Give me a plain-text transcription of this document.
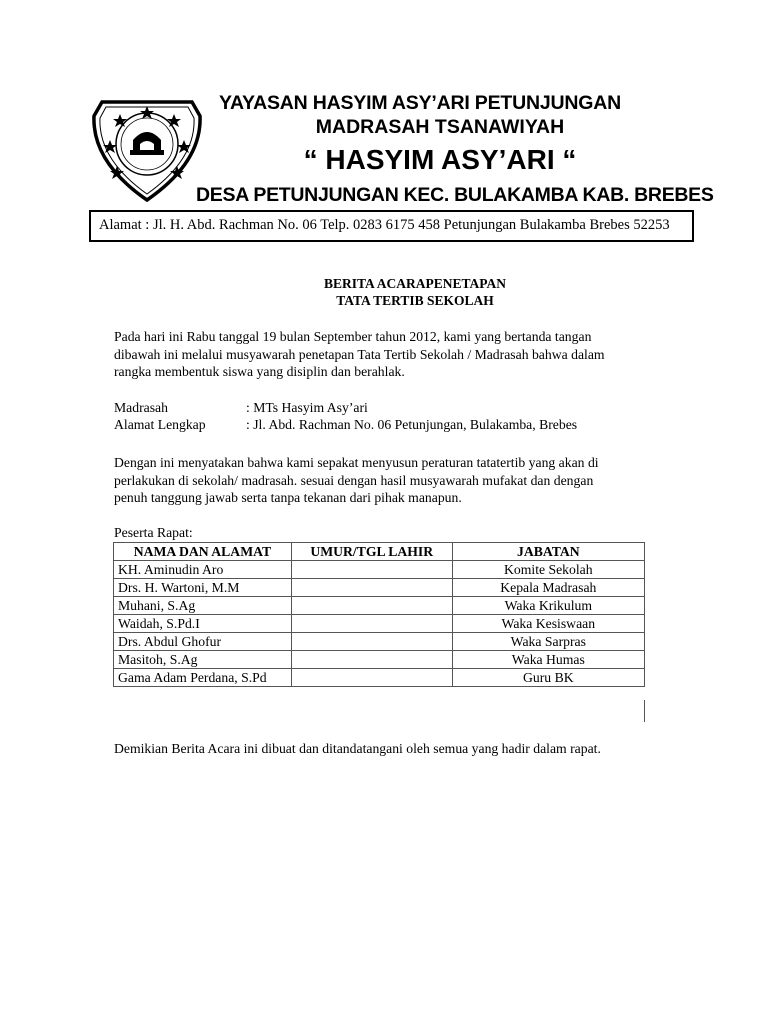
YAYASAN HASYIM ASY’ARI PETUNJUNGAN
MADRASAH TSANAWIYAH
“ HASYIM ASY’ARI “
DESA PETUNJUNGAN KEC. BULAKAMBA KAB. BREBES
Alamat : Jl. H. Abd. Rachman No. 06 Telp. 0283 6175 458 Petunjungan Bulakamba Brebes 52253
BERITA ACARAPENETAPAN
TATA TERTIB SEKOLAH
Pada hari ini Rabu tanggal 19 bulan September tahun 2012, kami yang bertanda tangan
dibawah ini melalui musyawarah penetapan Tata Tertib Sekolah / Madrasah bahwa dalam
rangka membentuk siswa yang disiplin dan berahlak.
Madrasah	: MTs Hasyim Asy’ari
Alamat Lengkap	: Jl. Abd. Rachman No. 06 Petunjungan, Bulakamba, Brebes
Dengan ini menyatakan bahwa kami sepakat menyusun peraturan tatatertib yang akan di
perlakukan di sekolah/ madrasah. sesuai dengan hasil musyawarah mufakat dan dengan
penuh tanggung jawab serta tanpa tekanan dari pihak manapun.
Peserta Rapat:
NAMA DAN ALAMAT	UMUR/TGL LAHIR	JABATAN
KH. Aminudin Aro		Komite Sekolah
Drs. H. Wartoni, M.M		Kepala Madrasah
Muhani, S.Ag		Waka Krikulum
Waidah, S.Pd.I		Waka Kesiswaan
Drs. Abdul Ghofur		Waka Sarpras
Masitoh, S.Ag		Waka Humas
Gama Adam Perdana, S.Pd		Guru BK
Demikian Berita Acara ini dibuat dan ditandatangani oleh semua yang hadir dalam rapat.
